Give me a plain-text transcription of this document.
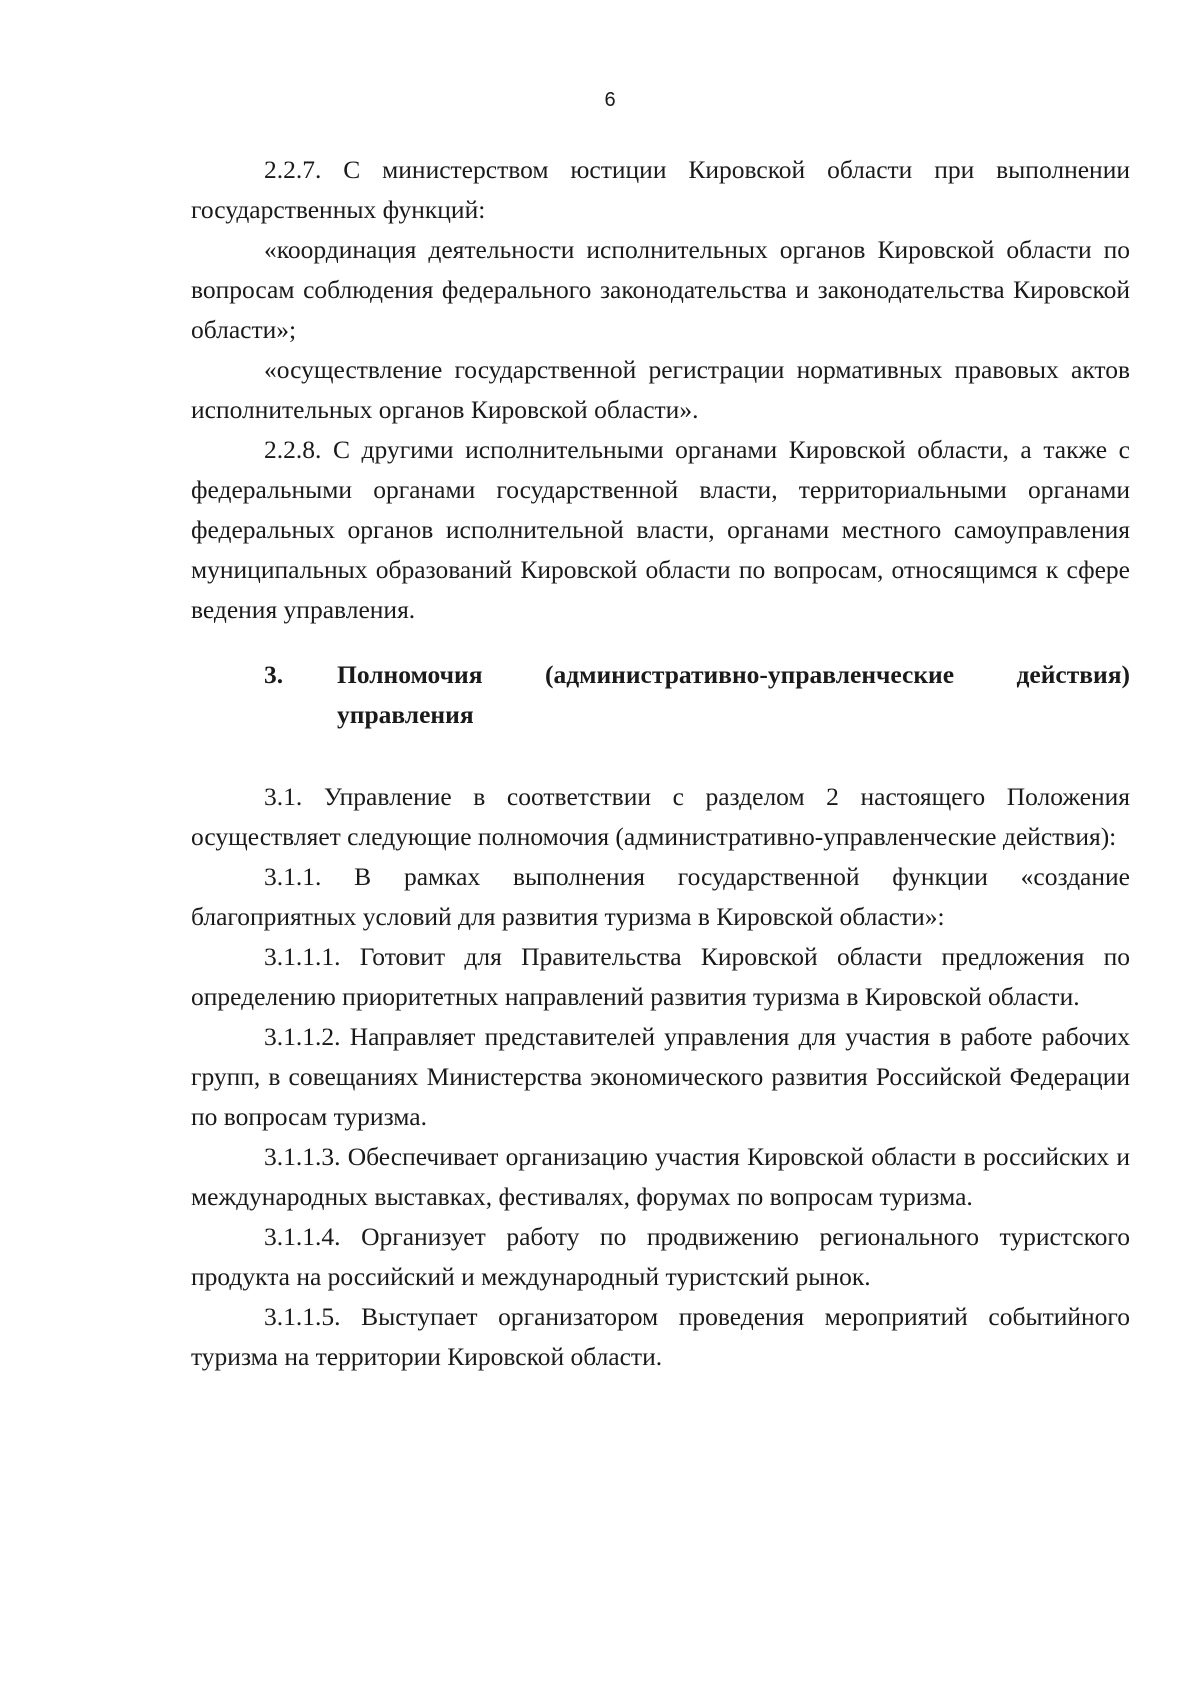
6

2.2.7. С министерством юстиции Кировской области при выполнении государственных функций:

«координация деятельности исполнительных органов Кировской области по вопросам соблюдения федерального законодательства и законодательства Кировской области»;

«осуществление государственной регистрации нормативных правовых актов исполнительных органов Кировской области».

2.2.8. С другими исполнительными органами Кировской области, а также с федеральными органами государственной власти, территориальными органами федеральных органов исполнительной власти, органами местного самоуправления муниципальных образований Кировской области по вопросам, относящимся к сфере ведения управления.

3.	Полномочия (административно-управленческие действия) управления

3.1. Управление в соответствии с разделом 2 настоящего Положения осуществляет следующие полномочия (административно-управленческие действия):

3.1.1. В рамках выполнения государственной функции «создание благоприятных условий для развития туризма в Кировской области»:

3.1.1.1. Готовит для Правительства Кировской области предложения по определению приоритетных направлений развития туризма в Кировской области.

3.1.1.2. Направляет представителей управления для участия в работе рабочих групп, в совещаниях Министерства экономического развития Российской Федерации по вопросам туризма.

3.1.1.3. Обеспечивает организацию участия Кировской области в российских и международных выставках, фестивалях, форумах по вопросам туризма.

3.1.1.4. Организует работу по продвижению регионального туристского продукта на российский и международный туристский рынок.

3.1.1.5. Выступает организатором проведения мероприятий событийного туризма на территории Кировской области.
